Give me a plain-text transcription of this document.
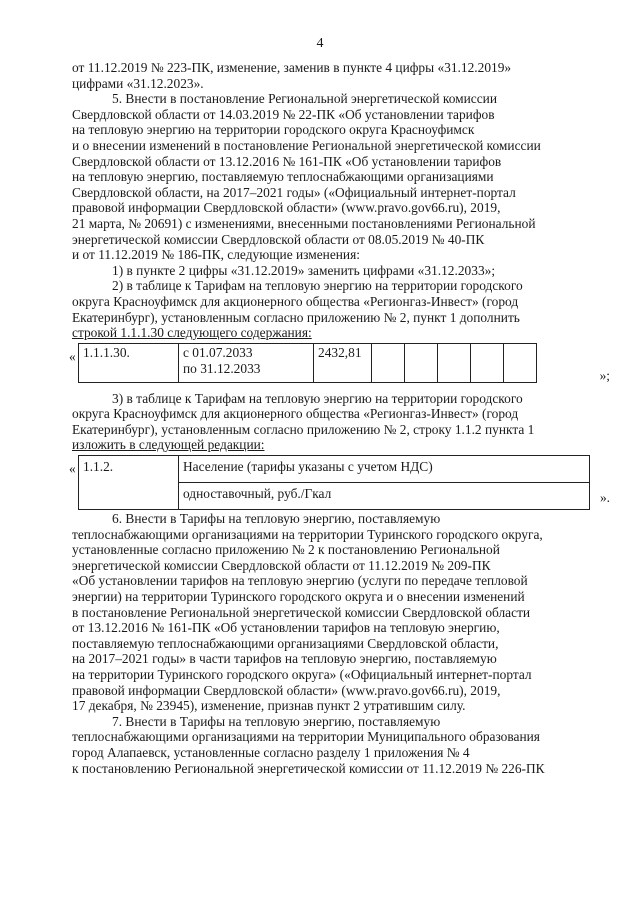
4

от 11.12.2019 № 223-ПК, изменение, заменив в пункте 4 цифры «31.12.2019»
цифрами «31.12.2023».

5. Внести в постановление Региональной энергетической комиссии
Свердловской области от 14.03.2019 № 22-ПК «Об установлении тарифов
на тепловую энергию на территории городского округа Красноуфимск
и о внесении изменений в постановление Региональной энергетической комиссии
Свердловской области от 13.12.2016 № 161-ПК «Об установлении тарифов
на тепловую энергию, поставляемую теплоснабжающими организациями
Свердловской области, на 2017–2021 годы» («Официальный интернет-портал
правовой информации Свердловской области» (www.pravo.gov66.ru), 2019,
21 марта, № 20691) с изменениями, внесенными постановлениями Региональной
энергетической комиссии Свердловской области от 08.05.2019 № 40-ПК
и от 11.12.2019 № 186-ПК, следующие изменения:

1) в пункте 2 цифры «31.12.2019» заменить цифрами «31.12.2033»;

2) в таблице к Тарифам на тепловую энергию на территории городского
округа Красноуфимск для акционерного общества «Регионгаз-Инвест» (город
Екатеринбург), установленным согласно приложению № 2, пункт 1 дополнить
строкой 1.1.1.30 следующего содержания:

« 1.1.1.30.	с 01.07.2033
по 31.12.2033	2432,81					
»;

3) в таблице к Тарифам на тепловую энергию на территории городского
округа Красноуфимск для акционерного общества «Регионгаз-Инвест» (город
Екатеринбург), установленным согласно приложению № 2, строку 1.1.2 пункта 1
изложить в следующей редакции:

« 1.1.2.	Население (тарифы указаны с учетом НДС)
одноставочный, руб./Гкал	».

6. Внести в Тарифы на тепловую энергию, поставляемую
теплоснабжающими организациями на территории Туринского городского округа,
установленные согласно приложению № 2 к постановлению Региональной
энергетической комиссии Свердловской области от 11.12.2019 № 209-ПК
«Об установлении тарифов на тепловую энергию (услуги по передаче тепловой
энергии) на территории Туринского городского округа и о внесении изменений
в постановление Региональной энергетической комиссии Свердловской области
от 13.12.2016 № 161-ПК «Об установлении тарифов на тепловую энергию,
поставляемую теплоснабжающими организациями Свердловской области,
на 2017–2021 годы» в части тарифов на тепловую энергию, поставляемую
на территории Туринского городского округа» («Официальный интернет-портал
правовой информации Свердловской области» (www.pravo.gov66.ru), 2019,
17 декабря, № 23945), изменение, признав пункт 2 утратившим силу.

7. Внести в Тарифы на тепловую энергию, поставляемую
теплоснабжающими организациями на территории Муниципального образования
город Алапаевск, установленные согласно разделу 1 приложения № 4
к постановлению Региональной энергетической комиссии от 11.12.2019 № 226-ПК
